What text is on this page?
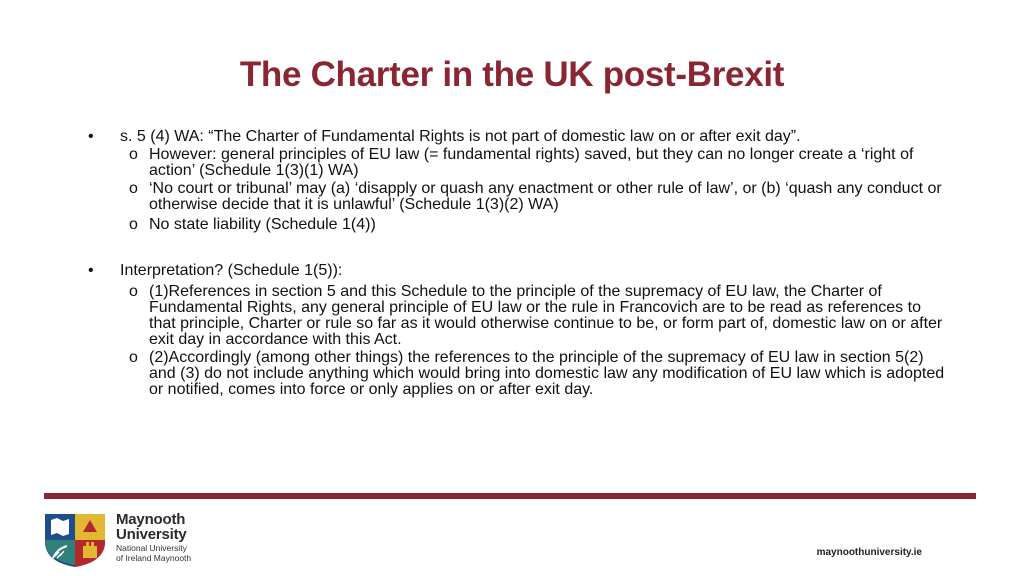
The Charter in the UK post-Brexit
• s. 5 (4) WA: “The Charter of Fundamental Rights is not part of domestic law on or after exit day”.
o However: general principles of EU law (= fundamental rights) saved, but they can no longer create a ‘right of action’ (Schedule 1(3)(1) WA)
o ‘No court or tribunal’ may (a) ‘disapply or quash any enactment or other rule of law’, or (b) ‘quash any conduct or otherwise decide that it is unlawful’ (Schedule 1(3)(2) WA)
o No state liability (Schedule 1(4))
• Interpretation? (Schedule 1(5)):
o (1)References in section 5 and this Schedule to the principle of the supremacy of EU law, the Charter of Fundamental Rights, any general principle of EU law or the rule in Francovich are to be read as references to that principle, Charter or rule so far as it would otherwise continue to be, or form part of, domestic law on or after exit day in accordance with this Act.
o (2)Accordingly (among other things) the references to the principle of the supremacy of EU law in section 5(2) and (3) do not include anything which would bring into domestic law any modification of EU law which is adopted or notified, comes into force or only applies on or after exit day.
Maynooth
University
National University
of Ireland Maynooth	maynoothuniversity.ie
